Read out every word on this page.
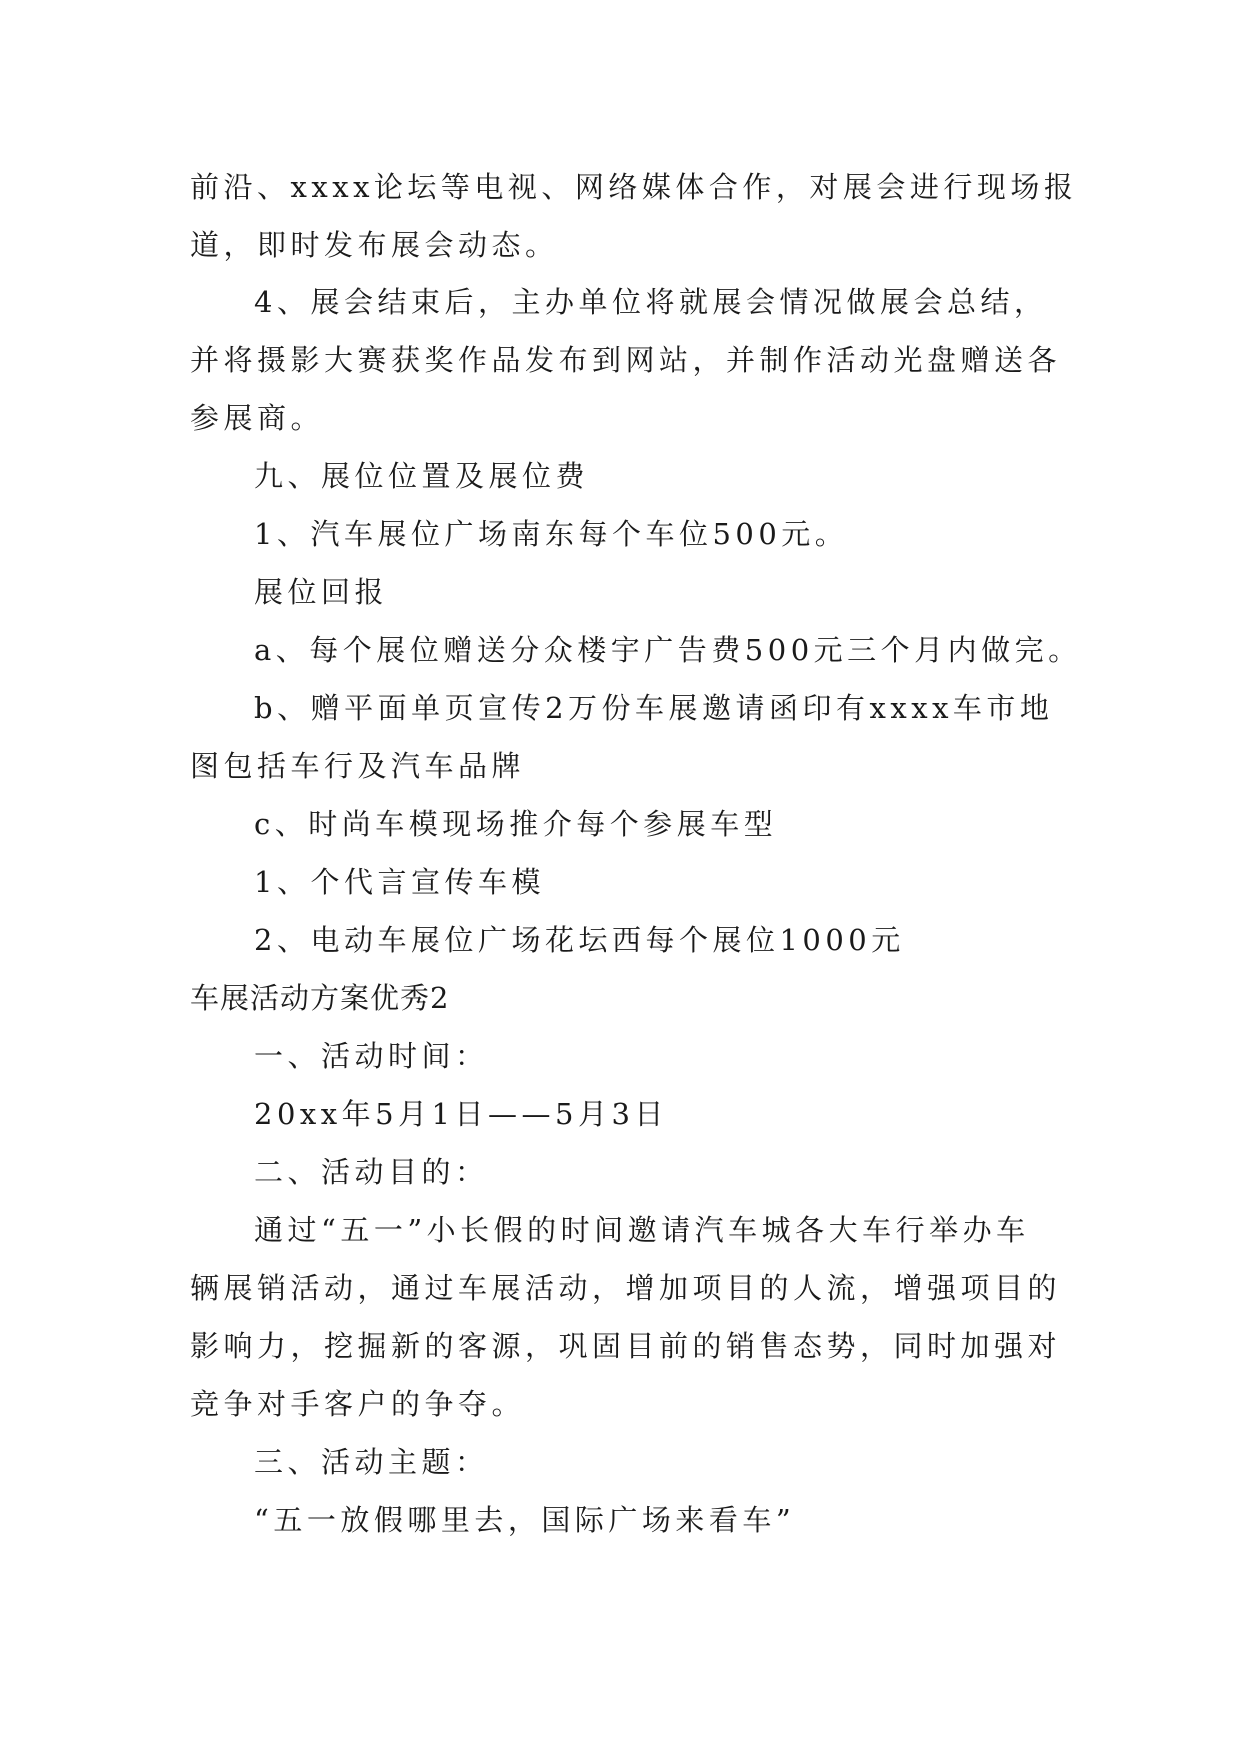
前沿、xxxx论坛等电视、网络媒体合作，对展会进行现场报
道，即时发布展会动态。
4、展会结束后，主办单位将就展会情况做展会总结，
并将摄影大赛获奖作品发布到网站，并制作活动光盘赠送各
参展商。
九、展位位置及展位费
1、汽车展位广场南东每个车位500元。
展位回报
a、每个展位赠送分众楼宇广告费500元三个月内做完。
b、赠平面单页宣传2万份车展邀请函印有xxxx车市地
图包括车行及汽车品牌
c、时尚车模现场推介每个参展车型
1、个代言宣传车模
2、电动车展位广场花坛西每个展位1000元
车展活动方案优秀2
一、活动时间：
20xx年5月1日——5月3日
二、活动目的：
通过“五一”小长假的时间邀请汽车城各大车行举办车
辆展销活动，通过车展活动，增加项目的人流，增强项目的
影响力，挖掘新的客源，巩固目前的销售态势，同时加强对
竞争对手客户的争夺。
三、活动主题：
“五一放假哪里去，国际广场来看车”
